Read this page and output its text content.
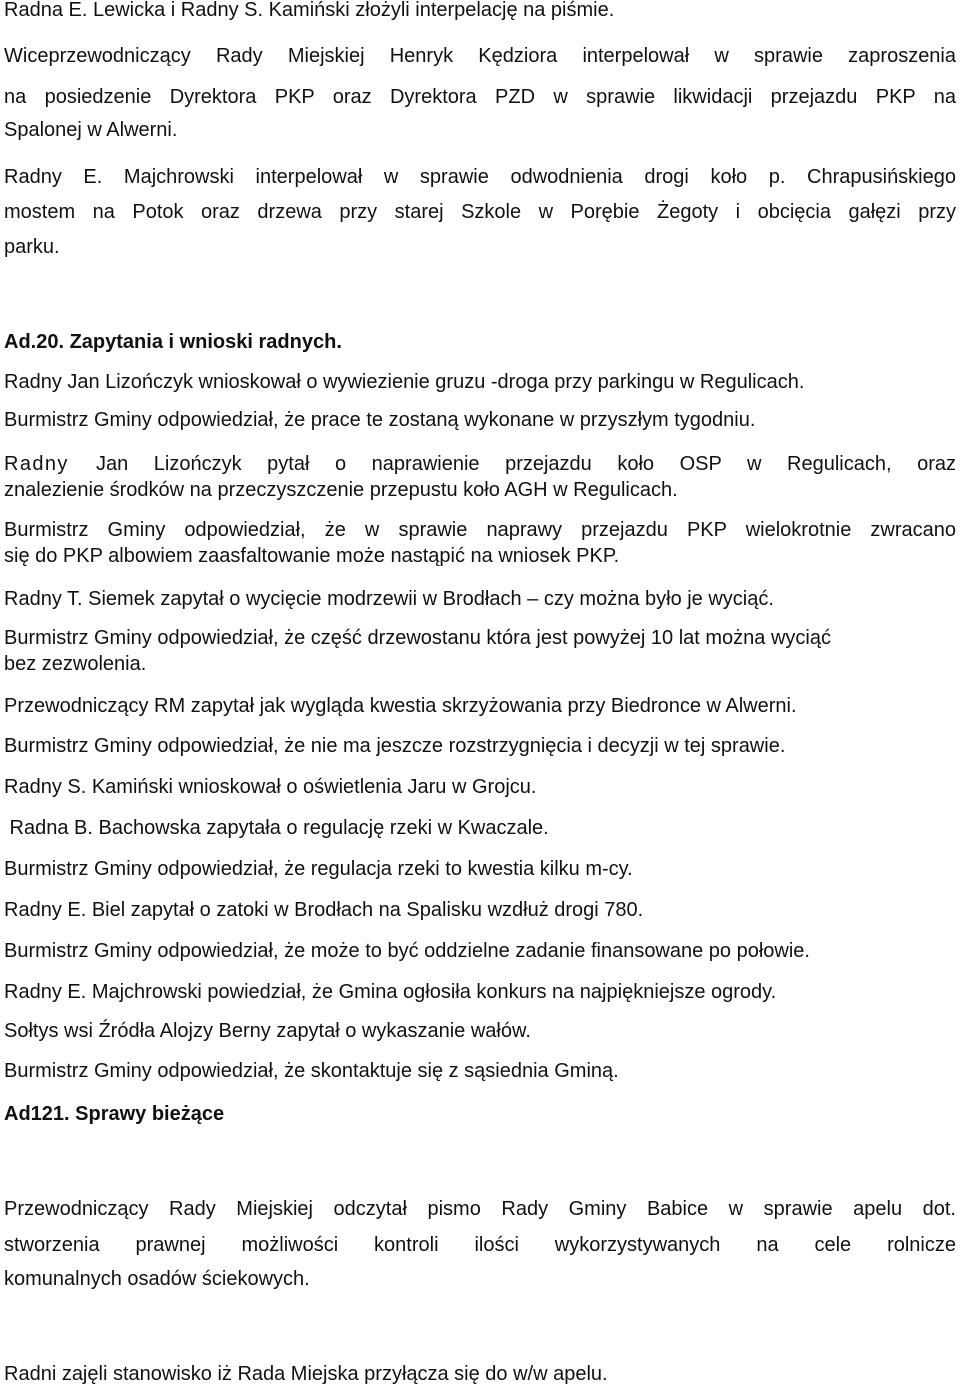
Radna E. Lewicka i Radny S. Kamiński złożyli interpelację na piśmie.

Wiceprzewodniczący Rady Miejskiej Henryk Kędziora interpelował w sprawie zaproszenia

na posiedzenie Dyrektora PKP oraz Dyrektora PZD w sprawie likwidacji przejazdu PKP na

Spalonej w Alwerni.

Radny E. Majchrowski interpelował w sprawie odwodnienia drogi koło p. Chrapusińskiego

mostem na Potok oraz drzewa przy starej Szkole w Porębie Żegoty i obcięcia gałęzi przy

parku.

Ad.20. Zapytania i wnioski radnych.

Radny Jan Lizończyk wnioskował o wywiezienie gruzu -droga przy parkingu w Regulicach.

Burmistrz Gminy odpowiedział, że prace te zostaną wykonane w przyszłym tygodniu.

Radny	Jan Lizończyk pytał o naprawienie przejazdu koło OSP w Regulicach, oraz

znalezienie środków na przeczyszczenie przepustu koło AGH w Regulicach.

Burmistrz Gminy odpowiedział, że w sprawie naprawy przejazdu PKP wielokrotnie zwracano

się do PKP albowiem zaasfaltowanie może nastąpić na wniosek PKP.

Radny T. Siemek zapytał o wycięcie modrzewii w Brodłach – czy można było je wyciąć.

Burmistrz Gminy odpowiedział, że część drzewostanu która jest powyżej 10 lat można wyciąć

bez zezwolenia.

Przewodniczący RM zapytał jak wygląda kwestia skrzyżowania przy Biedronce w Alwerni.

Burmistrz Gminy odpowiedział, że nie ma jeszcze rozstrzygnięcia i decyzji w tej sprawie.

Radny S. Kamiński wnioskował o oświetlenia Jaru w Grojcu.

Radna B. Bachowska zapytała o regulację rzeki w Kwaczale.

Burmistrz Gminy odpowiedział, że regulacja rzeki to kwestia kilku m-cy.

Radny E. Biel zapytał o zatoki w Brodłach na Spalisku wzdłuż drogi 780.

Burmistrz Gminy odpowiedział, że może to być oddzielne zadanie finansowane po połowie.

Radny E. Majchrowski powiedział, że Gmina ogłosiła konkurs na najpiękniejsze ogrody.

Sołtys wsi Źródła Alojzy Berny zapytał o wykaszanie wałów.

Burmistrz Gminy odpowiedział, że skontaktuje się z sąsiednia Gminą.

Ad121. Sprawy bieżące

Przewodniczący Rady Miejskiej odczytał pismo Rady Gminy Babice w sprawie apelu dot.

stworzenia prawnej możliwości kontroli ilości wykorzystywanych na cele rolnicze

komunalnych osadów ściekowych.

Radni zajęli stanowisko iż Rada Miejska przyłącza się do w/w apelu.
